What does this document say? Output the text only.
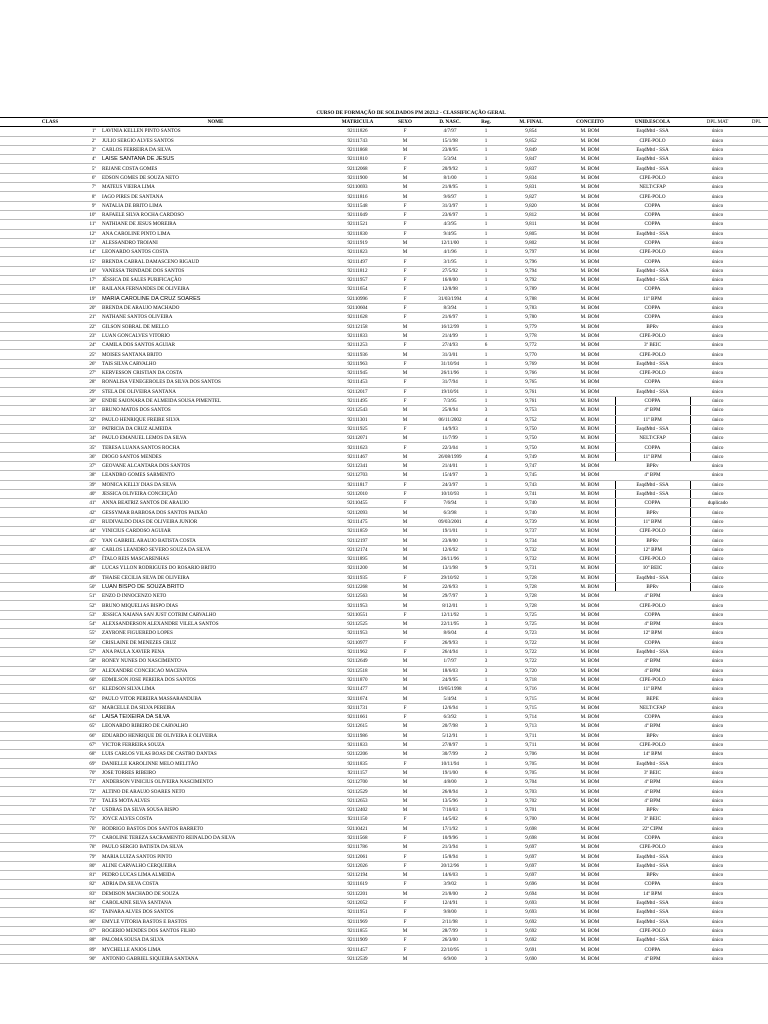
CURSO DE FORMAÇÃO DE SOLDADOS PM 2023.2 - CLASSIFICAÇÃO GERAL
CLASS	NOME	MATRICULA	SEXO	D. NASC.	Reg.	M. FINAL	CONCEITO	UNID.ESCOLA	DPL.MAT	DPL
1º	LAVINIA KELLEN PINTO SANTOS	92111826	F	4/7/97	1	9,854	M. BOM	EsqdMtd - SSA	único	
2º	JULIO SERGIO ALVES SANTOS	92111743	M	15/1/98	1	9,852	M. BOM	CIPE-POLO	único	
3º	CARLOS FERREIRA DA SILVA	92111868	M	23/8/95	1	9,849	M. BOM	EsqdMtd - SSA	único	
4º	LAISE SANTANA DE JESUS	92111810	F	5/3/94	1	9,847	M. BOM	EsqdMtd - SSA	único	
5º	REJANE COSTA GOMES	92112068	F	20/9/92	1	9,837	M. BOM	EsqdMtd - SSA	único	
6º	EDSON GOMES DE SOUZA NETO	92111900	M	8/1/00	1	9,834	M. BOM	CIPE-POLO	único	
7º	MATEUS VIEIRA LIMA	92110693	M	21/8/95	1	9,831	M. BOM	NELT/CFAP	único	
8º	IAGO PIRES DE SANTANA	92111816	M	9/6/97	1	9,827	M. BOM	CIPE-POLO	único	
9º	NATALIA DE BRITO LIMA	92111548	F	31/3/97	1	9,820	M. BOM	COPPA	único	
10º	RAFAELE SILVA ROCHA CARDOSO	92111049	F	23/6/97	1	9,812	M. BOM	COPPA	único	
11º	NATHIANE DE JESUS MOREIRA	92111521	F	4/3/95	1	9,811	M. BOM	COPPA	único	
12º	ANA CAROLINE PINTO LIMA	92111830	F	9/4/95	1	9,805	M. BOM	EsqdMtd - SSA	único	
13º	ALESSANDRO TROIANI	92111919	M	12/11/00	1	9,802	M. BOM	COPPA	único	
14º	LEONARDO SANTOS COSTA	92111823	M	4/1/96	1	9,797	M. BOM	CIPE-POLO	único	
15º	BRENDA CABRAL DAMASCENO RIGAUD	92111497	F	3/1/95	1	9,796	M. BOM	COPPA	único	
16º	VANESSA TRINDADE DOS SANTOS	92111812	F	27/5/92	1	9,794	M. BOM	EsqdMtd - SSA	único	
17º	JÉSSICA DE SALES PURIFICAÇÃO	92111957	F	16/8/00	1	9,792	M. BOM	EsqdMtd - SSA	único	
18º	RAILANA FERNANDES DE OLIVEIRA	92111654	F	12/8/98	1	9,789	M. BOM	COPPA	único	
19º	MARIA CAROLINE DA CRUZ SOARES	92110996	F	31/03/1994	4	9,788	M. BOM	11º BPM	único	
20º	BRENDA DE ARAUJO MACHADO	92110604	F	8/3/94	1	9,783	M. BOM	COPPA	único	
21º	NATHANE SANTOS OLIVEIRA	92111628	F	21/6/97	1	9,780	M. BOM	COPPA	único	
22º	GILSON SOBRAL DE MELLO	92112158	M	16/12/99	1	9,779	M. BOM	BPRv	único	
23º	LUAN GONCALVES VITORIO	92111833	M	21/4/99	1	9,778	M. BOM	CIPE-POLO	único	
24º	CAMILA DOS SANTOS AGUIAR	92111253	F	27/4/93	6	9,772	M. BOM	3º BEIC	único	
25º	MOISES SANTANA BRITO	92111936	M	31/3/01	1	9,770	M. BOM	CIPE-POLO	único	
26º	TAIS SILVA CARVALHO	92111963	F	31/10/94	1	9,769	M. BOM	EsqdMtd - SSA	único	
27º	KERVESSON CRISTIAN DA COSTA	92111945	M	26/11/96	1	9,766	M. BOM	CIPE-POLO	único	
28º	RONALISA VENEGEROLES DA SILVA DOS SANTOS	92111453	F	31/7/94	1	9,765	M. BOM	COPPA	único	
29º	STELA DE OLIVEIRA SANTANA	92112017	F	19/10/91	1	9,761	M. BOM	EsqdMtd - SSA	único	
30º	ENDIE SAIONARA DE ALMEIDA SOUSA PIMENTEL	92111495	F	7/3/95	1	9,761	M. BOM	COPPA	único	
31º	BRUNO MATOS DOS SANTOS	92112543	M	25/8/94	3	9,753	M. BOM	4º BPM	único	
32º	PAULO HENRIQUE FREIRE SILVA	92111301	M	06/11/2002	4	9,752	M. BOM	11º BPM	único	
33º	PATRICIA DA CRUZ ALMEIDA	92111925	F	14/9/93	1	9,750	M. BOM	EsqdMtd - SSA	único	
34º	PAULO EMANUEL LEMOS DA SILVA	92112071	M	11/7/99	1	9,750	M. BOM	NELT/CFAP	único	
35º	TERESA LUANA SANTOS ROCHA	92111623	F	22/3/04	1	9,750	M. BOM	COPPA	único	
36º	DIOGO SANTOS MENDES	92111467	M	26/08/1999	4	9,749	M. BOM	11º BPM	único	
37º	GEOVANE ALCANTARA DOS SANTOS	92112341	M	21/4/01	1	9,747	M. BOM	BPRv	único	
38º	LEANDRO GOMES SARMENTO	92112703	M	15/4/97	3	9,745	M. BOM	4º BPM	único	
39º	MONICA KELLY DIAS DA SILVA	92111817	F	24/3/97	1	9,743	M. BOM	EsqdMtd - SSA	único	
40º	JESSICA OLIVEIRA CONCEIÇÃO	92112010	F	10/10/93	1	9,741	M. BOM	EsqdMtd - SSA	único	
41º	ANNA BEATRIZ SANTOS DE ARAUJO	92110455	F	7/6/94	1	9,740	M. BOM	COPPA	duplicado	
42º	GESSYMAR BARBOSA DOS SANTOS PAIXÃO	92112093	M	6/3/98	1	9,740	M. BOM	BPRv	único	
43º	RUDIVALDO DIAS DE OLIVEIRA JUNIOR	92111475	M	09/03/2001	4	9,739	M. BOM	11º BPM	único	
44º	VINICIUS CARDOSO AGUIAR	92111859	M	19/1/01	1	9,737	M. BOM	CIPE-POLO	único	
45º	YAN GABRIEL ARAUJO BATISTA COSTA	92112197	M	23/8/00	1	9,734	M. BOM	BPRv	único	
46º	CARLOS LEANDRO SEVERO SOUZA DA SILVA	92112174	M	12/6/92	1	9,732	M. BOM	12º BPM	único	
47º	ÍTALO REIS MASCARENHAS	92111895	M	26/11/96	1	9,732	M. BOM	CIPE-POLO	único	
48º	LUCAS YLLON RODRIGUES DO ROSARIO BRITO	92111200	M	13/1/98	9	9,731	M. BOM	10º BEIC	único	
49º	THAISE CECILIA SILVA DE OLIVEIRA	92111935	F	29/10/92	1	9,728	M. BOM	EsqdMtd - SSA	único	
50º	LUAN BISPO DE SOUZA BRITO	92112268	M	22/6/93	1	9,728	M. BOM	BPRv	único	
51º	ENZO D INNOCENZO NETO	92112563	M	29/7/97	3	9,728	M. BOM	4º BPM	único	
52º	BRUNO MIQUELIAS BISPO DIAS	92111953	M	8/12/01	1	9,728	M. BOM	CIPE-POLO	único	
53º	JESSICA NAIANA SAN JUST COTRIM CARVALHO	92110551	F	12/11/92	1	9,725	M. BOM	COPPA	único	
54º	ALEXSANDERSON ALEXANDRE VILELA SANTOS	92112525	M	22/11/95	3	9,725	M. BOM	4º BPM	único	
55º	ZAYRONE FIGUEREDO LOPES	92111953	M	8/6/04	4	9,723	M. BOM	12º BPM	único	
56º	CRISLAINE DE MENEZES CRUZ	92110977	F	26/9/93	1	9,722	M. BOM	COPPA	único	
57º	ANA PAULA XAVIER PENA	92111962	F	26/4/94	1	9,722	M. BOM	EsqdMtd - SSA	único	
58º	RONEY NUNES DO NASCIMENTO	92112649	M	1/7/97	3	9,722	M. BOM	4º BPM	único	
59º	ALEXANDRE CONCEICAO MACENA	92112518	M	18/6/03	3	9,720	M. BOM	4º BPM	único	
60º	EDMILSON JOSE PEREIRA DOS SANTOS	92111870	M	24/9/95	1	9,718	M. BOM	CIPE-POLO	único	
61º	KLEDSON SILVA LIMA	92111477	M	19/05/1998	4	9,716	M. BOM	11º BPM	único	
62º	PAULO VITOR PEREIRA MASSARANDUBA	92111674	M	5/4/94	1	9,715	M. BOM	BEPE	único	
63º	MARCELLE DA SILVA PEREIRA	92111731	F	12/6/94	1	9,715	M. BOM	NELT/CFAP	único	
64º	LAISA TEIXEIRA DA SILVA	92111661	F	6/3/92	1	9,714	M. BOM	COPPA	único	
65º	LEONARDO RIBEIRO DE CARVALHO	92112615	M	20/7/98	3	9,713	M. BOM	4º BPM	único	
66º	EDUARDO HENRIQUE DE OLIVEIRA E OLIVEIRA	92111986	M	5/12/91	1	9,711	M. BOM	BPRv	único	
67º	VICTOR FERREIRA SOUZA	92111833	M	27/8/97	1	9,711	M. BOM	CIPE-POLO	único	
68º	LUIS CARLOS VILAS BOAS DE CASTRO DANTAS	92112206	M	30/7/99	2	9,706	M. BOM	14º BPM	único	
69º	DANIELLE KAROLINNE MELO MELITÃO	92111835	F	10/11/94	1	9,705	M. BOM	EsqdMtd - SSA	único	
70º	JOSE TORRES RIBEIRO	92111157	M	19/1/00	6	9,705	M. BOM	3º BEIC	único	
71º	ANDERSON VINICIUS OLIVEIRA NASCIMENTO	92112700	M	4/8/00	3	9,704	M. BOM	4º BPM	único	
72º	ALTINO DE ARAUJO SOARES NETO	92112529	M	26/8/94	3	9,703	M. BOM	4º BPM	único	
73º	TALES MOTA ALVES	92112653	M	13/5/96	3	9,702	M. BOM	4º BPM	único	
74º	USDRAS DA SILVA SOUSA BISPO	92112402	M	7/10/03	1	9,701	M. BOM	BPRv	único	
75º	JOYCE ALVES COSTA	92111150	F	14/5/02	6	9,700	M. BOM	3º BEIC	único	
76º	RODRIGO BASTOS DOS SANTOS BARRETO	92110421	M	17/1/92	1	9,698	M. BOM	22ª CIPM	único	
77º	CAROLINE TEREZA SACRAMENTO REINALDO DA SILVA	92111568	F	10/9/96	1	9,698	M. BOM	COPPA	único	
78º	PAULO SERGIO BATISTA DA SILVA	92111786	M	21/3/94	1	9,697	M. BOM	CIPE-POLO	único	
79º	MARIA LUIZA SANTOS PINTO	92112061	F	15/8/94	1	9,697	M. BOM	EsqdMtd - SSA	único	
80º	ALINE CARVALHO CERQUEIRA	92112026	F	20/12/96	1	9,697	M. BOM	EsqdMtd - SSA	único	
81º	PEDRO LUCAS LIMA ALMEIDA	92112194	M	14/6/03	1	9,697	M. BOM	BPRv	único	
82º	ADRIA DA SILVA COSTA	92111619	F	3/9/02	1	9,696	M. BOM	COPPA	único	
83º	DEMISON MACHADO DE SOUZA	92112201	M	21/8/00	2	9,694	M. BOM	14º BPM	único	
84º	CAROLAINE SILVA SANTANA	92112052	F	12/4/91	1	9,693	M. BOM	EsqdMtd - SSA	único	
85º	TAINARA ALVES DOS SANTOS	92111951	F	9/8/00	1	9,693	M. BOM	EsqdMtd - SSA	único	
86º	EMYLE VITORIA BASTOS E BASTOS	92111969	F	2/11/98	1	9,692	M. BOM	EsqdMtd - SSA	único	
87º	ROGERIO MENDES DOS SANTOS FILHO	92111855	M	28/7/99	1	9,692	M. BOM	CIPE-POLO	único	
88º	PALOMA SOUSA DA SILVA	92111909	F	26/3/00	1	9,692	M. BOM	EsqdMtd - SSA	único	
89º	MYCHELLE ANJOS LIMA	92111457	F	22/10/95	1	9,691	M. BOM	COPPA	único	
90º	ANTONIO GABRIEL SIQUEIRA SANTANA	92112539	M	6/9/00	3	9,690	M. BOM	4º BPM	único	
